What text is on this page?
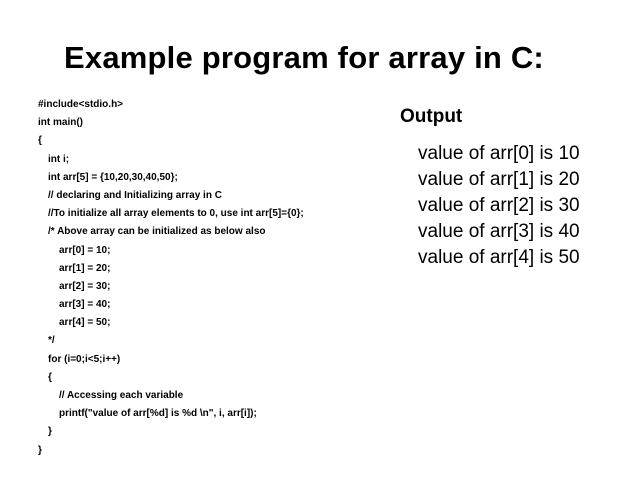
Example program for array in C:
#include<stdio.h>
int main()
{
int i;
int arr[5] = {10,20,30,40,50};
// declaring and Initializing array in C
//To initialize all array elements to 0, use int arr[5]={0};
/* Above array can be initialized as below also
arr[0] = 10;
arr[1] = 20;
arr[2] = 30;
arr[3] = 40;
arr[4] = 50;
*/
for (i=0;i<5;i++)
{
// Accessing each variable
printf("value of arr[%d] is %d \n", i, arr[i]);
}
}
Output
value of arr[0] is 10
value of arr[1] is 20
value of arr[2] is 30
value of arr[3] is 40
value of arr[4] is 50
